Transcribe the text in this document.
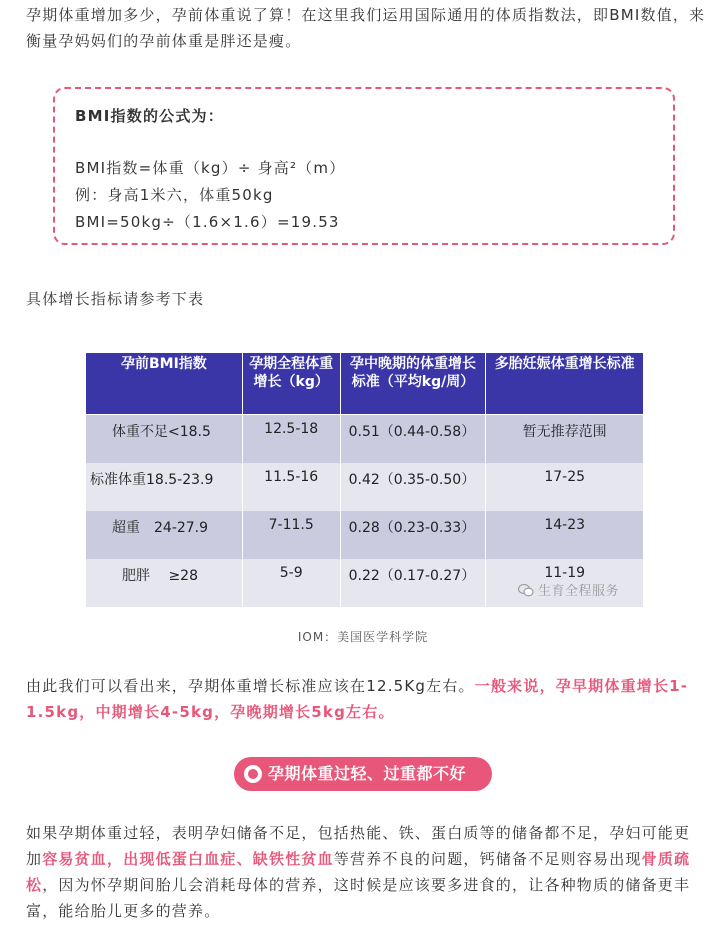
孕期体重增加多少，孕前体重说了算！在这里我们运用国际通用的体质指数法，即BMI数值，来衡量孕妈妈们的孕前体重是胖还是瘦。

BMI指数的公式为：
BMI指数=体重（kg）÷ 身高²（m）
例：身高1米六，体重50kg
BMI=50kg÷（1.6×1.6）=19.53

具体增长指标请参考下表

孕前BMI指数	孕期全程体重增长（kg）	孕中晚期的体重增长标准（平均kg/周）	多胎妊娠体重增长标准
体重不足<18.5	12.5-18	0.51（0.44-0.58）	暂无推荐范围
标准体重18.5-23.9	11.5-16	0.42（0.35-0.50）	17-25
超重　24-27.9	7-11.5	0.28（0.23-0.33）	14-23
肥胖　 ≥28	5-9	0.22（0.17-0.27）	11-19
生育全程服务
IOM：美国医学科学院

由此我们可以看出来，孕期体重增长标准应该在12.5Kg左右。一般来说，孕早期体重增长1-1.5kg，中期增长4-5kg，孕晚期增长5kg左右。

孕期体重过轻、过重都不好

如果孕期体重过轻，表明孕妇储备不足，包括热能、铁、蛋白质等的储备都不足，孕妇可能更加容易贫血，出现低蛋白血症、缺铁性贫血等营养不良的问题，钙储备不足则容易出现骨质疏松，因为怀孕期间胎儿会消耗母体的营养，这时候是应该要多进食的，让各种物质的储备更丰富，能给胎儿更多的营养。
